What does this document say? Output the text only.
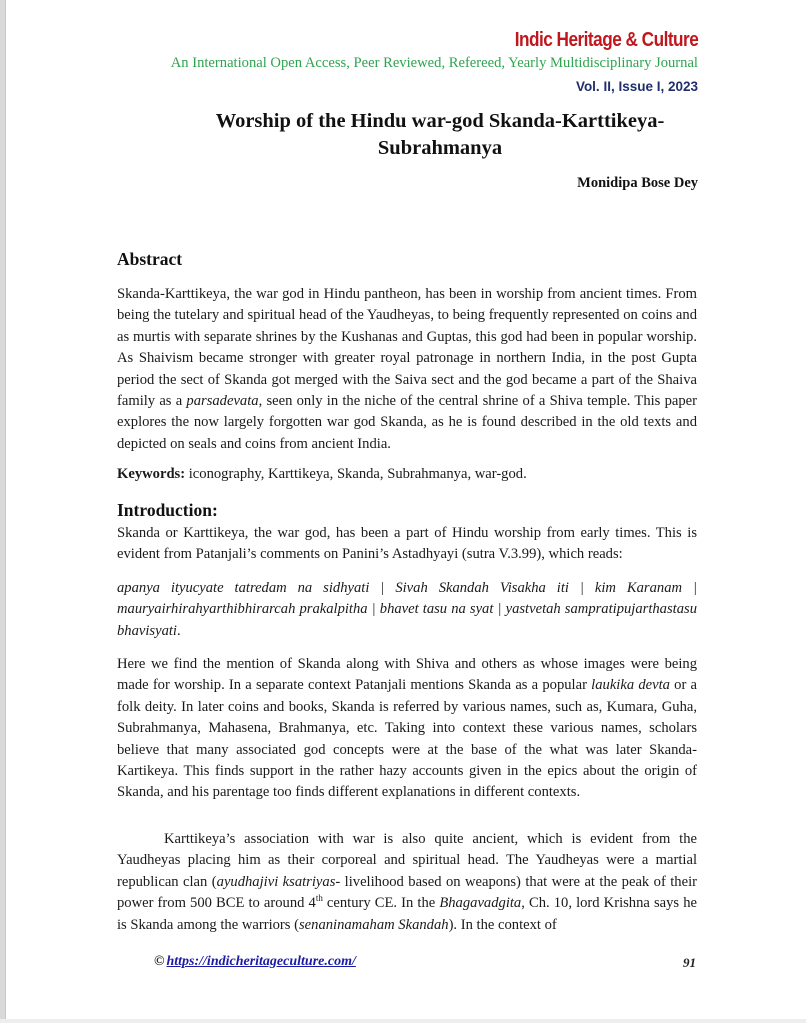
Indic Heritage & Culture
An International Open Access, Peer Reviewed, Refereed, Yearly Multidisciplinary Journal
Vol. II, Issue I, 2023
Worship of the Hindu war-god Skanda-Karttikeya-
Subrahmanya
Monidipa Bose Dey
Abstract
Skanda-Karttikeya, the war god in Hindu pantheon, has been in worship from ancient times. From being the tutelary and spiritual head of the Yaudheyas, to being frequently represented on coins and as murtis with separate shrines by the Kushanas and Guptas, this god had been in popular worship. As Shaivism became stronger with greater royal patronage in northern India, in the post Gupta period the sect of Skanda got merged with the Saiva sect and the god became a part of the Shaiva family as a parsadevata, seen only in the niche of the central shrine of a Shiva temple. This paper explores the now largely forgotten war god Skanda, as he is found described in the old texts and depicted on seals and coins from ancient India.
Keywords: iconography, Karttikeya, Skanda, Subrahmanya, war-god.
Introduction:
Skanda or Karttikeya, the war god, has been a part of Hindu worship from early times. This is evident from Patanjali’s comments on Panini’s Astadhyayi (sutra V.3.99), which reads:
apanya ityucyate tatredam na sidhyati | Sivah Skandah Visakha iti | kim Karanam | mauryairhirahyarthibhirarcah prakalpitha | bhavet tasu na syat | yastvetah sampratipujarthastasu bhavisyati.
Here we find the mention of Skanda along with Shiva and others as whose images were being made for worship. In a separate context Patanjali mentions Skanda as a popular laukika devta or a folk deity. In later coins and books, Skanda is referred by various names, such as, Kumara, Guha, Subrahmanya, Mahasena, Brahmanya, etc. Taking into context these various names, scholars believe that many associated god concepts were at the base of the what was later Skanda-Kartikeya. This finds support in the rather hazy accounts given in the epics about the origin of Skanda, and his parentage too finds different explanations in different contexts.
Karttikeya’s association with war is also quite ancient, which is evident from the Yaudheyas placing him as their corporeal and spiritual head. The Yaudheyas were a martial republican clan (ayudhajivi ksatriyas- livelihood based on weapons) that were at the peak of their power from 500 BCE to around 4th century CE. In the Bhagavadgita, Ch. 10, lord Krishna says he is Skanda among the warriors (senaninamaham Skandah). In the context of
© https://indicheritageculture.com/	91
